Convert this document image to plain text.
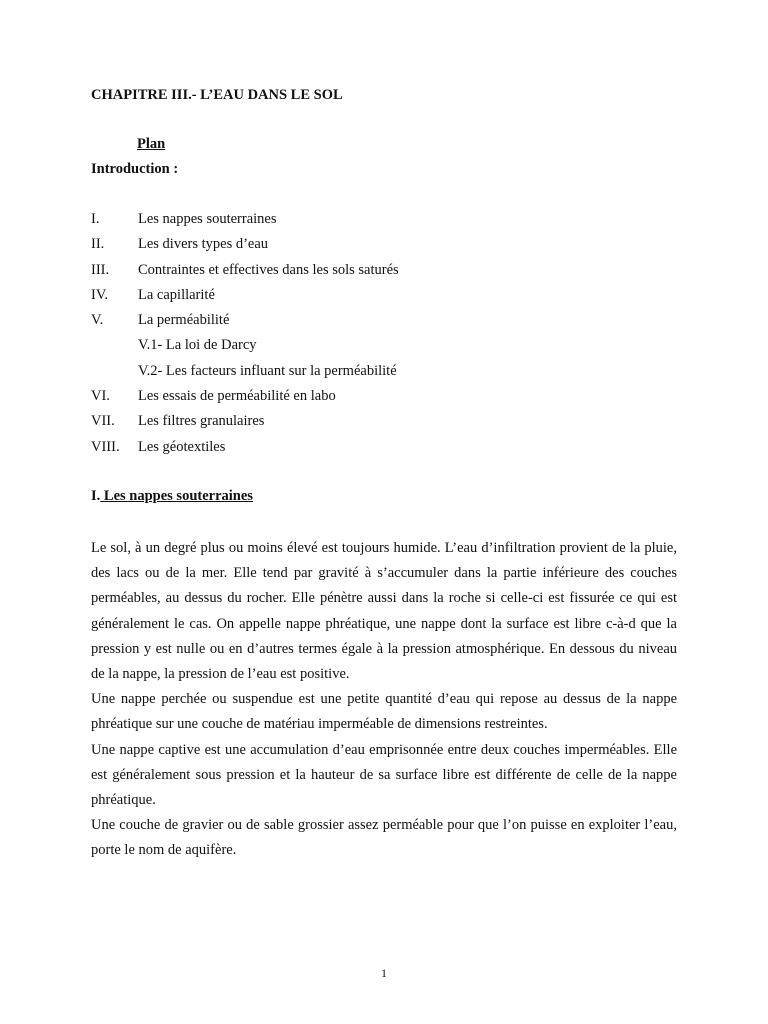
CHAPITRE III.- L’EAU DANS LE SOL
Plan
Introduction :
I.	Les nappes souterraines
II. Les divers types d’eau
III. Contraintes et effectives dans les sols saturés
IV. La capillarité
V. La perméabilité
V.1- La loi de Darcy
V.2- Les facteurs influant sur la perméabilité
VI. Les essais de perméabilité en labo
VII. Les filtres granulaires
VIII. Les géotextiles
I. Les nappes souterraines

Le sol, à un degré plus ou moins élevé est toujours humide. L’eau d’infiltration provient de la pluie, des lacs ou de la mer. Elle tend par gravité à s’accumuler dans la partie inférieure des couches perméables, au dessus du rocher. Elle pénètre aussi dans la roche si celle-ci est fissurée ce qui est généralement le cas. On appelle nappe phréatique, une nappe dont la surface est libre c-à-d que la pression y est nulle ou en d’autres termes égale à la pression atmosphérique. En dessous du niveau de la nappe, la pression de l’eau est positive.

Une nappe perchée ou suspendue est une petite quantité d’eau qui repose au dessus de la nappe phréatique sur une couche de matériau imperméable de dimensions restreintes.

Une nappe captive est une accumulation d’eau emprisonnée entre deux couches imperméables. Elle est généralement sous pression et la hauteur de sa surface libre est différente de celle de la nappe phréatique.

Une couche de gravier ou de sable grossier assez perméable pour que l’on puisse en exploiter l’eau, porte le nom de aquifère.

1
